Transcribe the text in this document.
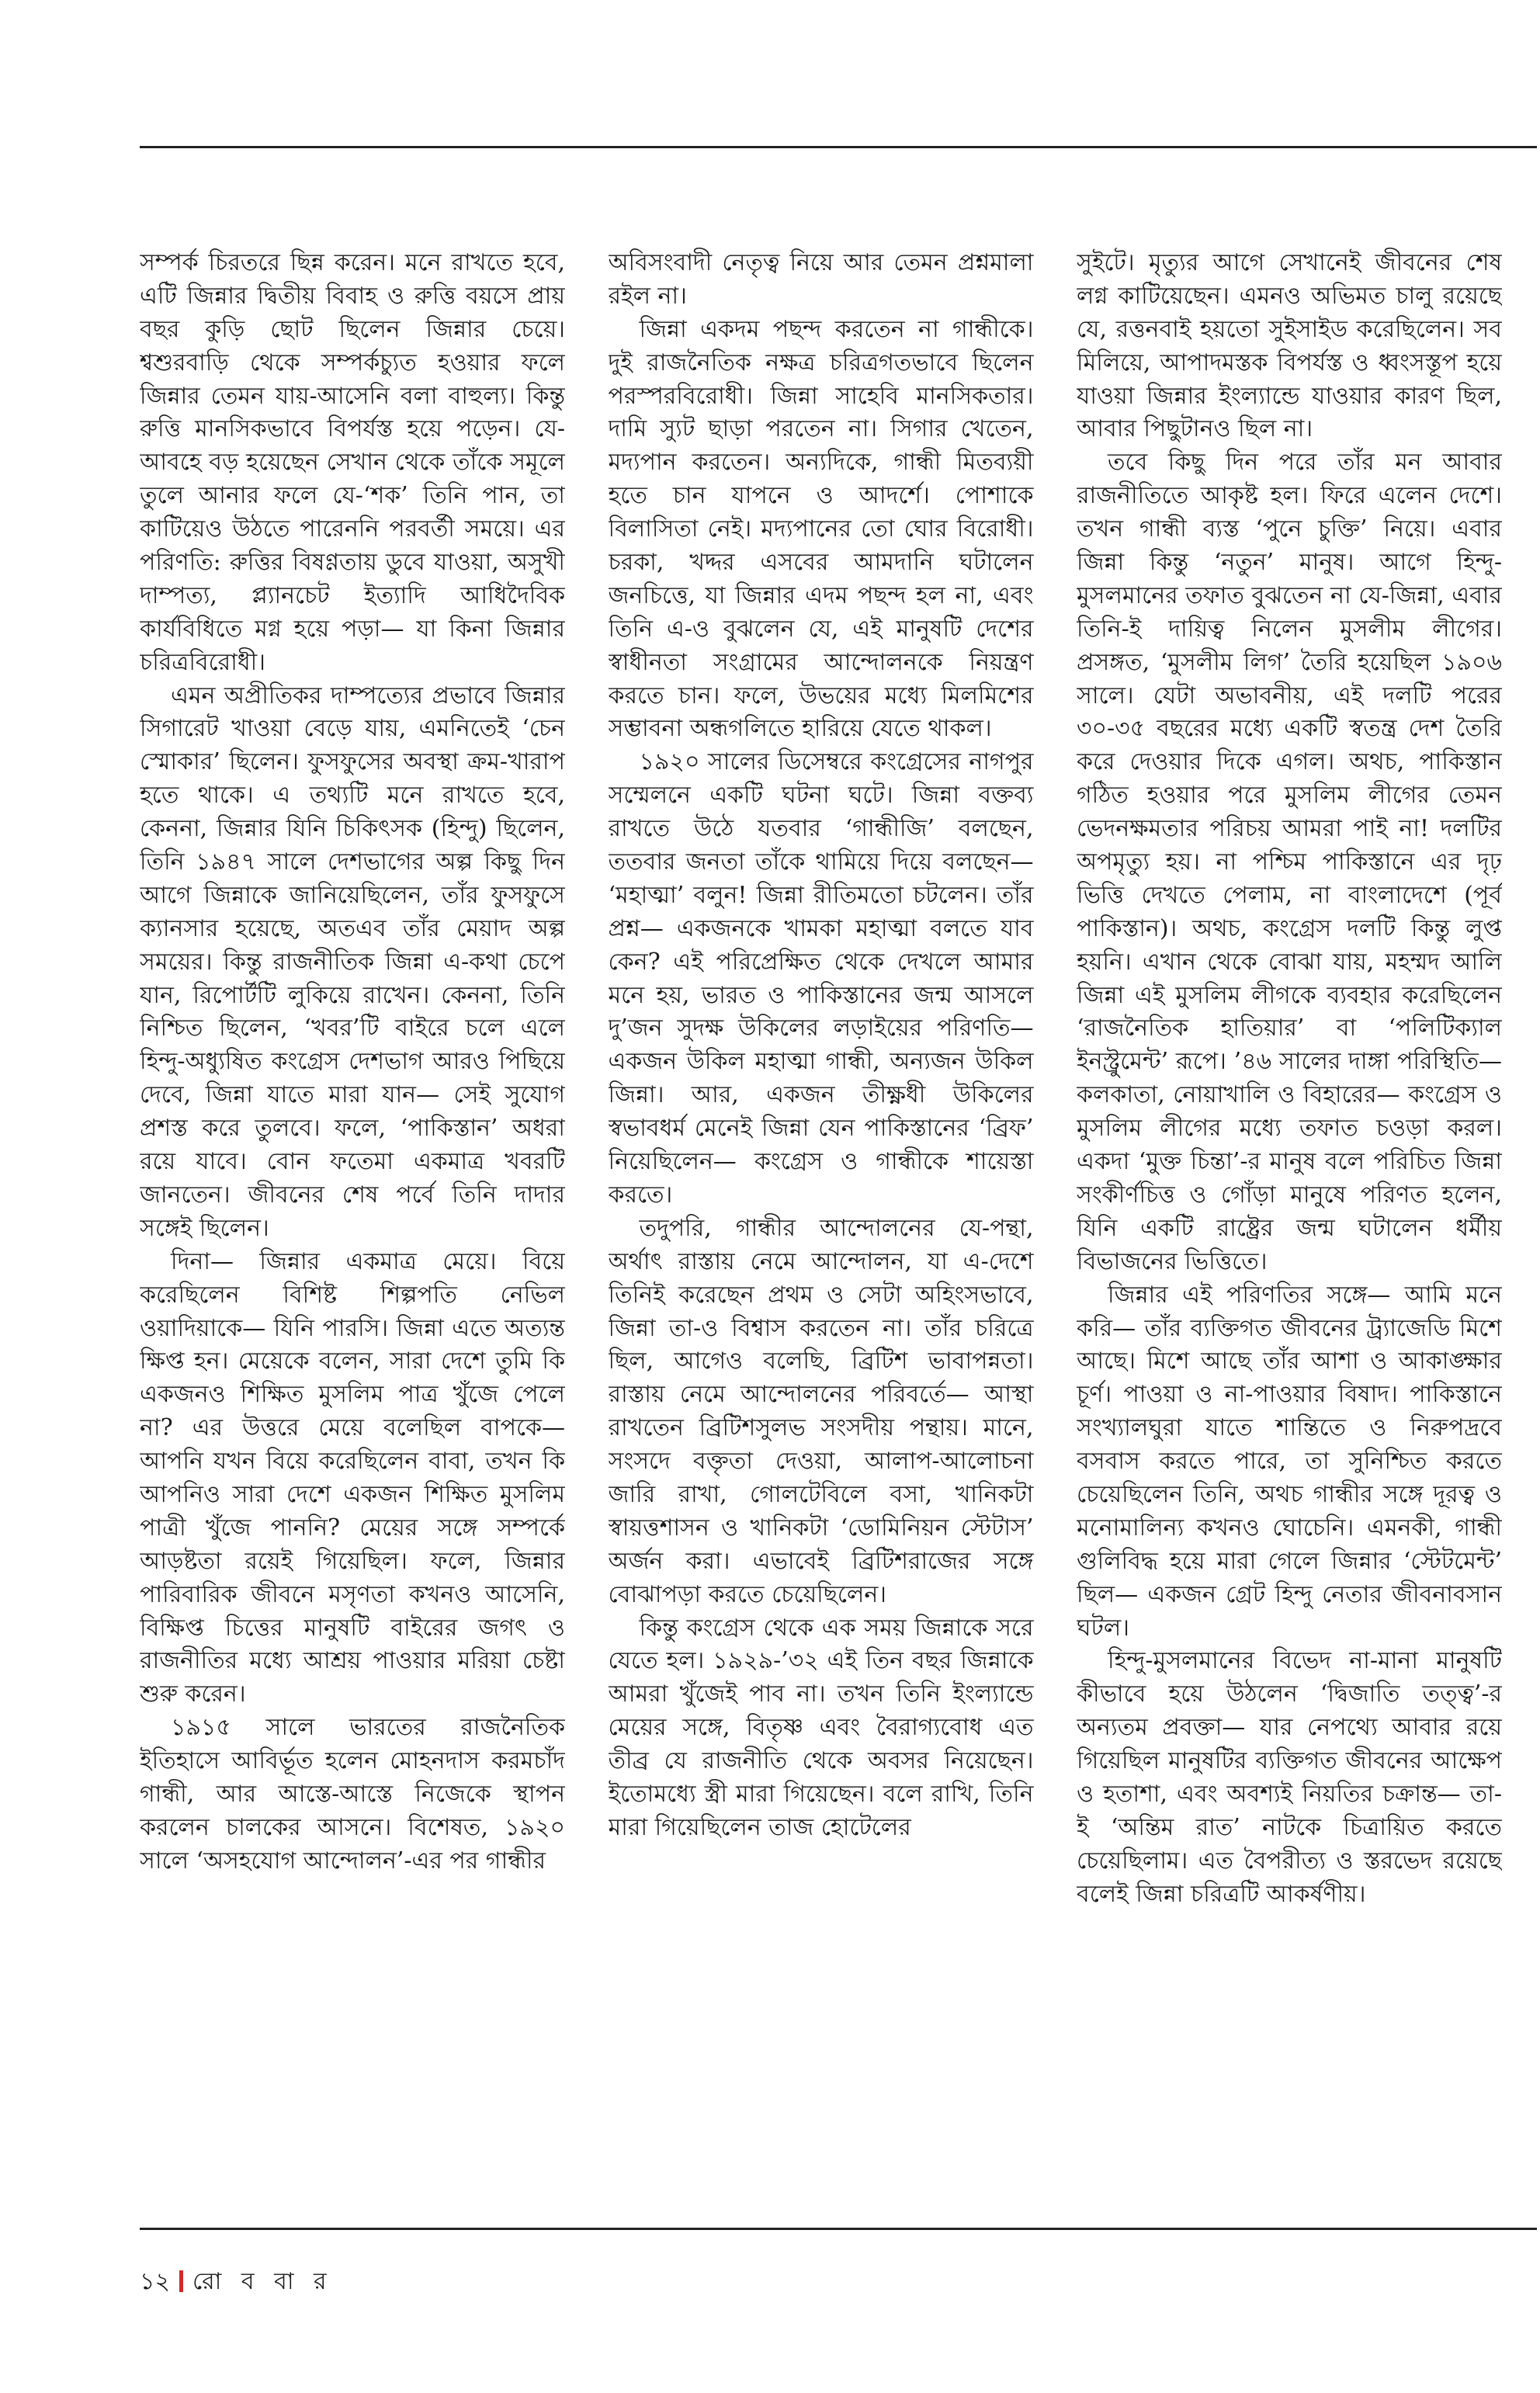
সম্পর্ক চিরতরে ছিন্ন করেন। মনে রাখতে হবে, এটি জিন্নার দ্বিতীয় বিবাহ ও রুত্তি বয়সে প্রায় বছর কুড়ি ছোট ছিলেন জিন্নার চেয়ে। শ্বশুরবাড়ি থেকে সম্পর্কচ্যুত হওয়ার ফলে জিন্নার তেমন যায়-আসেনি বলা বাহুল্য। কিন্তু রুত্তি মানসিকভাবে বিপর্যস্ত হয়ে পড়েন। যে-আবহে বড় হয়েছেন সেখান থেকে তাঁকে সমূলে তুলে আনার ফলে যে-‘শক’ তিনি পান, তা কাটিয়েও উঠতে পারেননি পরবর্তী সময়ে। এর পরিণতি: রুত্তির বিষণ্ণতায় ডুবে যাওয়া, অসুখী দাম্পত্য, প্ল্যানচেট ইত্যাদি আধিদৈবিক কার্যবিধিতে মগ্ন হয়ে পড়া— যা কিনা জিন্নার চরিত্রবিরোধী।

এমন অপ্রীতিকর দাম্পত্যের প্রভাবে জিন্নার সিগারেট খাওয়া বেড়ে যায়, এমনিতেই ‘চেন স্মোকার’ ছিলেন। ফুসফুসের অবস্থা ক্রম-খারাপ হতে থাকে। এ তথ্যটি মনে রাখতে হবে, কেননা, জিন্নার যিনি চিকিৎসক (হিন্দু) ছিলেন, তিনি ১৯৪৭ সালে দেশভাগের অল্প কিছু দিন আগে জিন্নাকে জানিয়েছিলেন, তাঁর ফুসফুসে ক্যানসার হয়েছে, অতএব তাঁর মেয়াদ অল্প সময়ের। কিন্তু রাজনীতিক জিন্না এ-কথা চেপে যান, রিপোর্টটি লুকিয়ে রাখেন। কেননা, তিনি নিশ্চিত ছিলেন, ‘খবর’টি বাইরে চলে এলে হিন্দু-অধ্যুষিত কংগ্রেস দেশভাগ আরও পিছিয়ে দেবে, জিন্না যাতে মারা যান— সেই সুযোগ প্রশস্ত করে তুলবে। ফলে, ‘পাকিস্তান’ অধরা রয়ে যাবে। বোন ফতেমা একমাত্র খবরটি জানতেন। জীবনের শেষ পর্বে তিনি দাদার সঙ্গেই ছিলেন।

দিনা— জিন্নার একমাত্র মেয়ে। বিয়ে করেছিলেন বিশিষ্ট শিল্পপতি নেভিল ওয়াদিয়াকে— যিনি পারসি। জিন্না এতে অত্যন্ত ক্ষিপ্ত হন। মেয়েকে বলেন, সারা দেশে তুমি কি একজনও শিক্ষিত মুসলিম পাত্র খুঁজে পেলে না? এর উত্তরে মেয়ে বলেছিল বাপকে— আপনি যখন বিয়ে করেছিলেন বাবা, তখন কি আপনিও সারা দেশে একজন শিক্ষিত মুসলিম পাত্রী খুঁজে পাননি? মেয়ের সঙ্গে সম্পর্কে আড়ষ্টতা রয়েই গিয়েছিল। ফলে, জিন্নার পারিবারিক জীবনে মসৃণতা কখনও আসেনি, বিক্ষিপ্ত চিত্তের মানুষটি বাইরের জগৎ ও রাজনীতির মধ্যে আশ্রয় পাওয়ার মরিয়া চেষ্টা শুরু করেন।

১৯১৫ সালে ভারতের রাজনৈতিক ইতিহাসে আবির্ভূত হলেন মোহনদাস করমচাঁদ গান্ধী, আর আস্তে-আস্তে নিজেকে স্থাপন করলেন চালকের আসনে। বিশেষত, ১৯২০ সালে ‘অসহযোগ আন্দোলন’-এর পর গান্ধীর

অবিসংবাদী নেতৃত্ব নিয়ে আর তেমন প্রশ্নমালা রইল না।

জিন্না একদম পছন্দ করতেন না গান্ধীকে। দুই রাজনৈতিক নক্ষত্র চরিত্রগতভাবে ছিলেন পরস্পরবিরোধী। জিন্না সাহেবি মানসিকতার। দামি স্যুট ছাড়া পরতেন না। সিগার খেতেন, মদ্যপান করতেন। অন্যদিকে, গান্ধী মিতব্যয়ী হতে চান যাপনে ও আদর্শে। পোশাকে বিলাসিতা নেই। মদ্যপানের তো ঘোর বিরোধী। চরকা, খদ্দর এসবের আমদানি ঘটালেন জনচিত্তে, যা জিন্নার এদম পছন্দ হল না, এবং তিনি এ-ও বুঝলেন যে, এই মানুষটি দেশের স্বাধীনতা সংগ্রামের আন্দোলনকে নিয়ন্ত্রণ করতে চান। ফলে, উভয়ের মধ্যে মিলমিশের সম্ভাবনা অন্ধগলিতে হারিয়ে যেতে থাকল।

১৯২০ সালের ডিসেম্বরে কংগ্রেসের নাগপুর সম্মেলনে একটি ঘটনা ঘটে। জিন্না বক্তব্য রাখতে উঠে যতবার ‘গান্ধীজি’ বলছেন, ততবার জনতা তাঁকে থামিয়ে দিয়ে বলছেন— ‘মহাত্মা’ বলুন! জিন্না রীতিমতো চটলেন। তাঁর প্রশ্ন— একজনকে খামকা মহাত্মা বলতে যাব কেন? এই পরিপ্রেক্ষিত থেকে দেখলে আমার মনে হয়, ভারত ও পাকিস্তানের জন্ম আসলে দু’জন সুদক্ষ উকিলের লড়াইয়ের পরিণতি— একজন উকিল মহাত্মা গান্ধী, অন্যজন উকিল জিন্না। আর, একজন তীক্ষ্ণধী উকিলের স্বভাবধর্ম মেনেই জিন্না যেন পাকিস্তানের ‘ব্রিফ’ নিয়েছিলেন— কংগ্রেস ও গান্ধীকে শায়েস্তা করতে।

তদুপরি, গান্ধীর আন্দোলনের যে-পন্থা, অর্থাৎ রাস্তায় নেমে আন্দোলন, যা এ-দেশে তিনিই করেছেন প্রথম ও সেটা অহিংসভাবে, জিন্না তা-ও বিশ্বাস করতেন না। তাঁর চরিত্রে ছিল, আগেও বলেছি, ব্রিটিশ ভাবাপন্নতা। রাস্তায় নেমে আন্দোলনের পরিবর্তে— আস্থা রাখতেন ব্রিটিশসুলভ সংসদীয় পন্থায়। মানে, সংসদে বক্তৃতা দেওয়া, আলাপ-আলোচনা জারি রাখা, গোলটেবিলে বসা, খানিকটা স্বায়ত্তশাসন ও খানিকটা ‘ডোমিনিয়ন স্টেটাস’ অর্জন করা। এভাবেই ব্রিটিশরাজের সঙ্গে বোঝাপড়া করতে চেয়েছিলেন।

কিন্তু কংগ্রেস থেকে এক সময় জিন্নাকে সরে যেতে হল। ১৯২৯-’৩২ এই তিন বছর জিন্নাকে আমরা খুঁজেই পাব না। তখন তিনি ইংল্যান্ডে মেয়ের সঙ্গে, বিতৃষ্ণ এবং বৈরাগ্যবোধ এত তীব্র যে রাজনীতি থেকে অবসর নিয়েছেন। ইতোমধ্যে স্ত্রী মারা গিয়েছেন। বলে রাখি, তিনি মারা গিয়েছিলেন তাজ হোটেলের

সুইটে। মৃত্যুর আগে সেখানেই জীবনের শেষ লগ্ন কাটিয়েছেন। এমনও অভিমত চালু রয়েছে যে, রত্তনবাই হয়তো সুইসাইড করেছিলেন। সব মিলিয়ে, আপাদমস্তক বিপর্যস্ত ও ধ্বংসস্তূপ হয়ে যাওয়া জিন্নার ইংল্যান্ডে যাওয়ার কারণ ছিল, আবার পিছুটানও ছিল না।

তবে কিছু দিন পরে তাঁর মন আবার রাজনীতিতে আকৃষ্ট হল। ফিরে এলেন দেশে। তখন গান্ধী ব্যস্ত ‘পুনে চুক্তি’ নিয়ে। এবার জিন্না কিন্তু ‘নতুন’ মানুষ। আগে হিন্দু-মুসলমানের তফাত বুঝতেন না যে-জিন্না, এবার তিনি-ই দায়িত্ব নিলেন মুসলীম লীগের। প্রসঙ্গত, ‘মুসলীম লিগ’ তৈরি হয়েছিল ১৯০৬ সালে। যেটা অভাবনীয়, এই দলটি পরের ৩০-৩৫ বছরের মধ্যে একটি স্বতন্ত্র দেশ তৈরি করে দেওয়ার দিকে এগল। অথচ, পাকিস্তান গঠিত হওয়ার পরে মুসলিম লীগের তেমন ভেদনক্ষমতার পরিচয় আমরা পাই না! দলটির অপমৃত্যু হয়। না পশ্চিম পাকিস্তানে এর দৃঢ় ভিত্তি দেখতে পেলাম, না বাংলাদেশে (পূর্ব পাকিস্তান)। অথচ, কংগ্রেস দলটি কিন্তু লুপ্ত হয়নি। এখান থেকে বোঝা যায়, মহম্মদ আলি জিন্না এই মুসলিম লীগকে ব্যবহার করেছিলেন ‘রাজনৈতিক হাতিয়ার’ বা ‘পলিটিক্যাল ইনস্ট্রুমেন্ট’ রূপে। ’৪৬ সালের দাঙ্গা পরিস্থিতি— কলকাতা, নোয়াখালি ও বিহারের— কংগ্রেস ও মুসলিম লীগের মধ্যে তফাত চওড়া করল। একদা ‘মুক্ত চিন্তা’-র মানুষ বলে পরিচিত জিন্না সংকীর্ণচিত্ত ও গোঁড়া মানুষে পরিণত হলেন, যিনি একটি রাষ্ট্রের জন্ম ঘটালেন ধর্মীয় বিভাজনের ভিত্তিতে।

জিন্নার এই পরিণতির সঙ্গে— আমি মনে করি— তাঁর ব্যক্তিগত জীবনের ট্র্যাজেডি মিশে আছে। মিশে আছে তাঁর আশা ও আকাঙ্ক্ষার চূর্ণ। পাওয়া ও না-পাওয়ার বিষাদ। পাকিস্তানে সংখ্যালঘুরা যাতে শান্তিতে ও নিরুপদ্রবে বসবাস করতে পারে, তা সুনিশ্চিত করতে চেয়েছিলেন তিনি, অথচ গান্ধীর সঙ্গে দূরত্ব ও মনোমালিন্য কখনও ঘোচেনি। এমনকী, গান্ধী গুলিবিদ্ধ হয়ে মারা গেলে জিন্নার ‘স্টেটমেন্ট’ ছিল— একজন গ্রেট হিন্দু নেতার জীবনাবসান ঘটল।

হিন্দু-মুসলমানের বিভেদ না-মানা মানুষটি কীভাবে হয়ে উঠলেন ‘দ্বিজাতি তত্ত্ব’-র অন্যতম প্রবক্তা— যার নেপথ্যে আবার রয়ে গিয়েছিল মানুষটির ব্যক্তিগত জীবনের আক্ষেপ ও হতাশা, এবং অবশ্যই নিয়তির চক্রান্ত— তা-ই ‘অন্তিম রাত’ নাটকে চিত্রায়িত করতে চেয়েছিলাম। এত বৈপরীত্য ও স্তরভেদ রয়েছে বলেই জিন্না চরিত্রটি আকর্ষণীয়।

১২ রো ব বা র
